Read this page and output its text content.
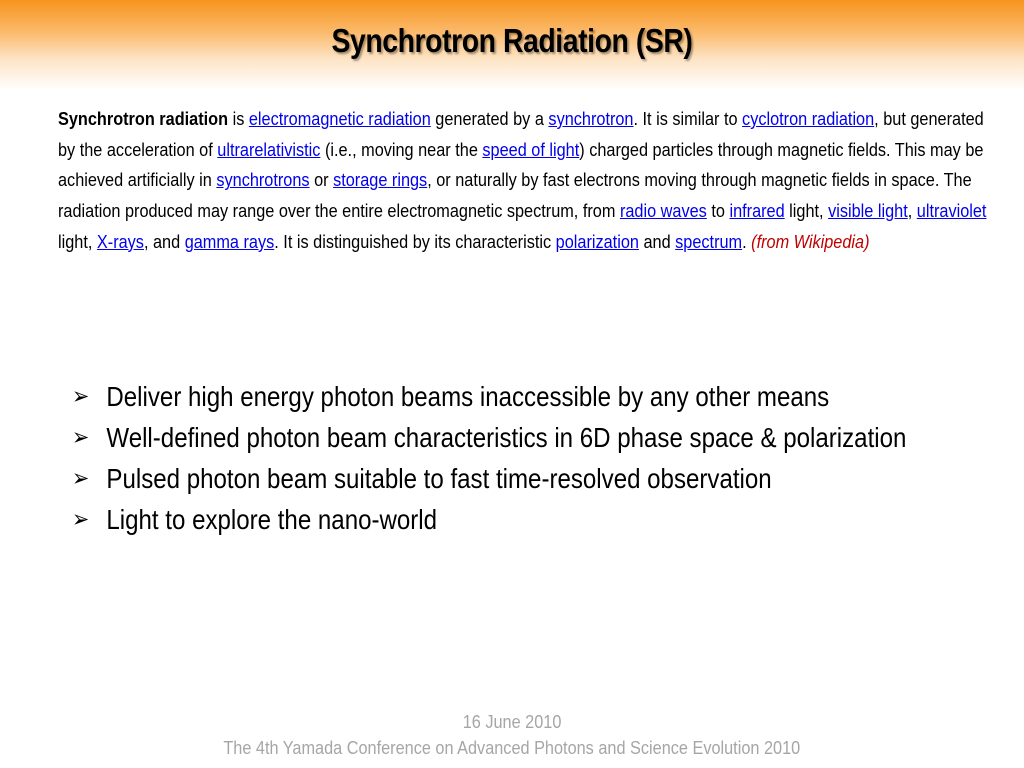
Synchrotron Radiation (SR)
Synchrotron radiation is electromagnetic radiation generated by a synchrotron. It is similar to cyclotron radiation, but generated by the acceleration of ultrarelativistic (i.e., moving near the speed of light) charged particles through magnetic fields. This may be achieved artificially in synchrotrons or storage rings, or naturally by fast electrons moving through magnetic fields in space. The radiation produced may range over the entire electromagnetic spectrum, from radio waves to infrared light, visible light, ultraviolet light, X-rays, and gamma rays. It is distinguished by its characteristic polarization and spectrum. (from Wikipedia)
➢ Deliver high energy photon beams inaccessible by any other means
➢ Well-defined photon beam characteristics in 6D phase space & polarization
➢ Pulsed photon beam suitable to fast time-resolved observation
➢ Light to explore the nano-world
16 June 2010
The 4th Yamada Conference on Advanced Photons and Science Evolution 2010
